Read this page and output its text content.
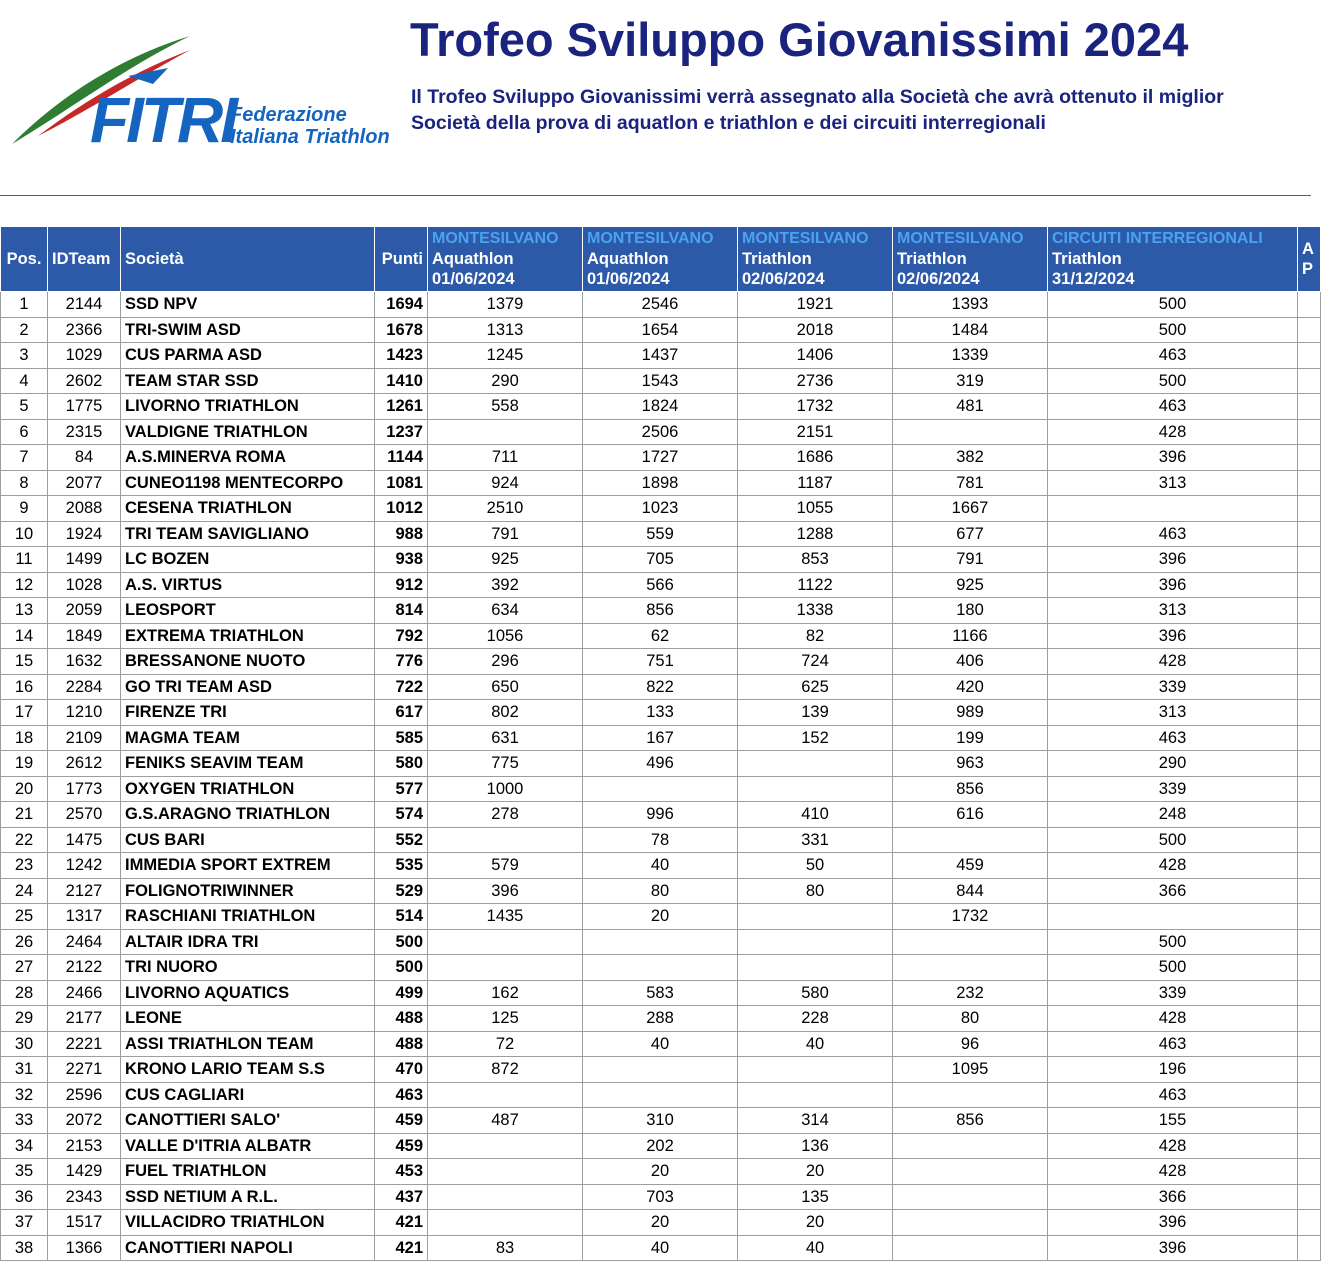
FITRI
Federazione
Italiana Triathlon
Trofeo Sviluppo Giovanissimi 2024
Il Trofeo Sviluppo Giovanissimi verrà assegnato alla Società che avrà ottenuto il miglior
Società della prova di aquatlon e triathlon e dei circuiti interregionali
Pos.	IDTeam	Società	Punti	MONTESILVANO
Aquathlon
01/06/2024	MONTESILVANO
Aquathlon
01/06/2024	MONTESILVANO
Triathlon
02/06/2024	MONTESILVANO
Triathlon
02/06/2024	CIRCUITI INTERREGIONALI
Triathlon
31/12/2024	A
P

1	2144	SSD NPV	1694	1379	2546	1921	1393	500	
2	2366	TRI-SWIM ASD	1678	1313	1654	2018	1484	500	
3	1029	CUS PARMA ASD	1423	1245	1437	1406	1339	463	
4	2602	TEAM STAR SSD	1410	290	1543	2736	319	500	
5	1775	LIVORNO TRIATHLON	1261	558	1824	1732	481	463	
6	2315	VALDIGNE TRIATHLON	1237		2506	2151		428	
7	84	A.S.MINERVA ROMA	1144	711	1727	1686	382	396	
8	2077	CUNEO1198 MENTECORPO	1081	924	1898	1187	781	313	
9	2088	CESENA TRIATHLON	1012	2510	1023	1055	1667		
10	1924	TRI TEAM SAVIGLIANO	988	791	559	1288	677	463	
11	1499	LC BOZEN	938	925	705	853	791	396	
12	1028	A.S. VIRTUS	912	392	566	1122	925	396	
13	2059	LEOSPORT	814	634	856	1338	180	313	
14	1849	EXTREMA TRIATHLON	792	1056	62	82	1166	396	
15	1632	BRESSANONE NUOTO	776	296	751	724	406	428	
16	2284	GO TRI TEAM ASD	722	650	822	625	420	339	
17	1210	FIRENZE TRI	617	802	133	139	989	313	
18	2109	MAGMA TEAM	585	631	167	152	199	463	
19	2612	FENIKS SEAVIM TEAM	580	775	496		963	290	
20	1773	OXYGEN TRIATHLON	577	1000			856	339	
21	2570	G.S.ARAGNO TRIATHLON	574	278	996	410	616	248	
22	1475	CUS BARI	552		78	331		500	
23	1242	IMMEDIA SPORT EXTREM	535	579	40	50	459	428	
24	2127	FOLIGNOTRIWINNER	529	396	80	80	844	366	
25	1317	RASCHIANI TRIATHLON	514	1435	20		1732		
26	2464	ALTAIR IDRA TRI	500					500	
27	2122	TRI NUORO	500					500	
28	2466	LIVORNO AQUATICS	499	162	583	580	232	339	
29	2177	LEONE	488	125	288	228	80	428	
30	2221	ASSI TRIATHLON TEAM	488	72	40	40	96	463	
31	2271	KRONO LARIO TEAM S.S	470	872			1095	196	
32	2596	CUS CAGLIARI	463					463	
33	2072	CANOTTIERI SALO'	459	487	310	314	856	155	
34	2153	VALLE D'ITRIA ALBATR	459		202	136		428	
35	1429	FUEL TRIATHLON	453		20	20		428	
36	2343	SSD NETIUM A R.L.	437		703	135		366	
37	1517	VILLACIDRO TRIATHLON	421		20	20		396	
38	1366	CANOTTIERI NAPOLI	421	83	40	40		396	
